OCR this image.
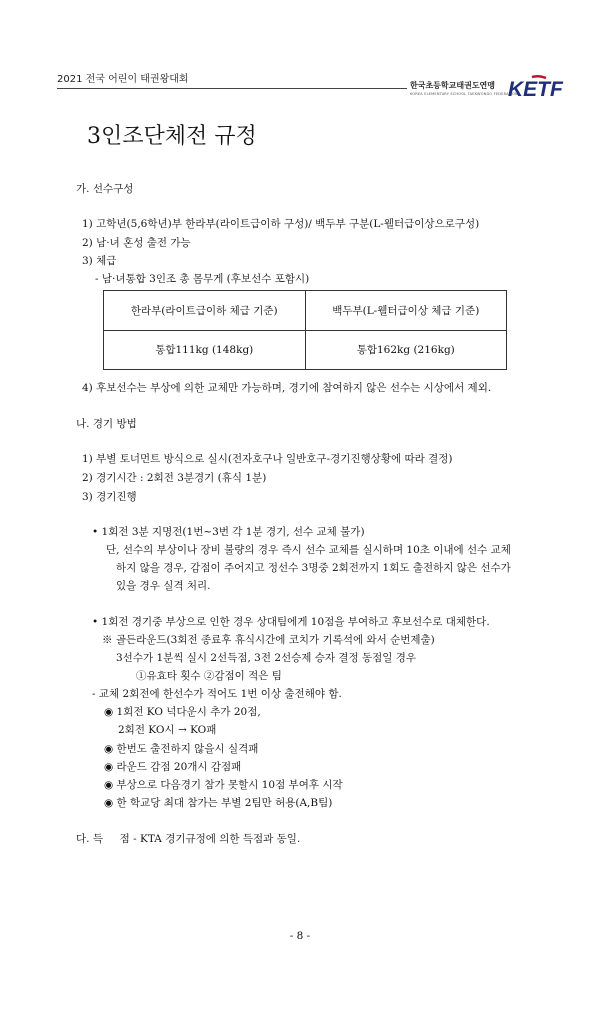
2021 전국 어린이 태권왕대회
한국초등학교태권도연맹
KOREA ELEMENTARY SCHOOL TAEKWONDO FEDERATION
KETF
3인조단체전 규정
가. 선수구성
1) 고학년(5,6학년)부 한라부(라이트급이하 구성)/ 백두부 구분(L-웰터급이상으로구성)
2) 남·녀 혼성 출전 가능
3) 체급
- 남·녀통합 3인조 총 몸무게 (후보선수 포함시)
한라부(라이트급이하 체급 기준)	백두부(L-웰터급이상 체급 기준)
통합111kg (148kg)	통합162kg (216kg)
4) 후보선수는 부상에 의한 교체만 가능하며, 경기에 참여하지 않은 선수는 시상에서 제외.
나. 경기 방법
1) 부별 토너먼트 방식으로 실시(전자호구나 일반호구-경기진행상황에 따라 결정)
2) 경기시간 : 2회전 3분경기 (휴식 1분)
3) 경기진행
• 1회전 3분 지명전(1번~3번 각 1분 경기, 선수 교체 불가)
단, 선수의 부상이나 장비 불량의 경우 즉시 선수 교체를 실시하며 10초 이내에 선수 교체
하지 않을 경우, 감점이 주어지고 정선수 3명중 2회전까지 1회도 출전하지 않은 선수가
있을 경우 실격 처리.
• 1회전 경기중 부상으로 인한 경우 상대팀에게 10점을 부여하고 후보선수로 대체한다.
※ 골든라운드(3회전 종료후 휴식시간에 코치가 기록석에 와서 순번제출)
3선수가 1분씩 실시 2선득점, 3전 2선승제 승자 결정 동점일 경우
①유효타 횟수 ②감점이 적은 팀
- 교체 2회전에 한선수가 적어도 1번 이상 출전해야 함.
◉ 1회전 KO 넉다운시 추가 20점,
2회전 KO시 → KO패
◉ 한번도 출전하지 않을시 실격패
◉ 라운드 감점 20개시 감점패
◉ 부상으로 다음경기 참가 못할시 10점 부여후 시작
◉ 한 학교당 최대 참가는 부별 2팀만 허용(A,B팀)
다. 득     점 - KTA 경기규정에 의한 득점과 동일.
- 8 -
